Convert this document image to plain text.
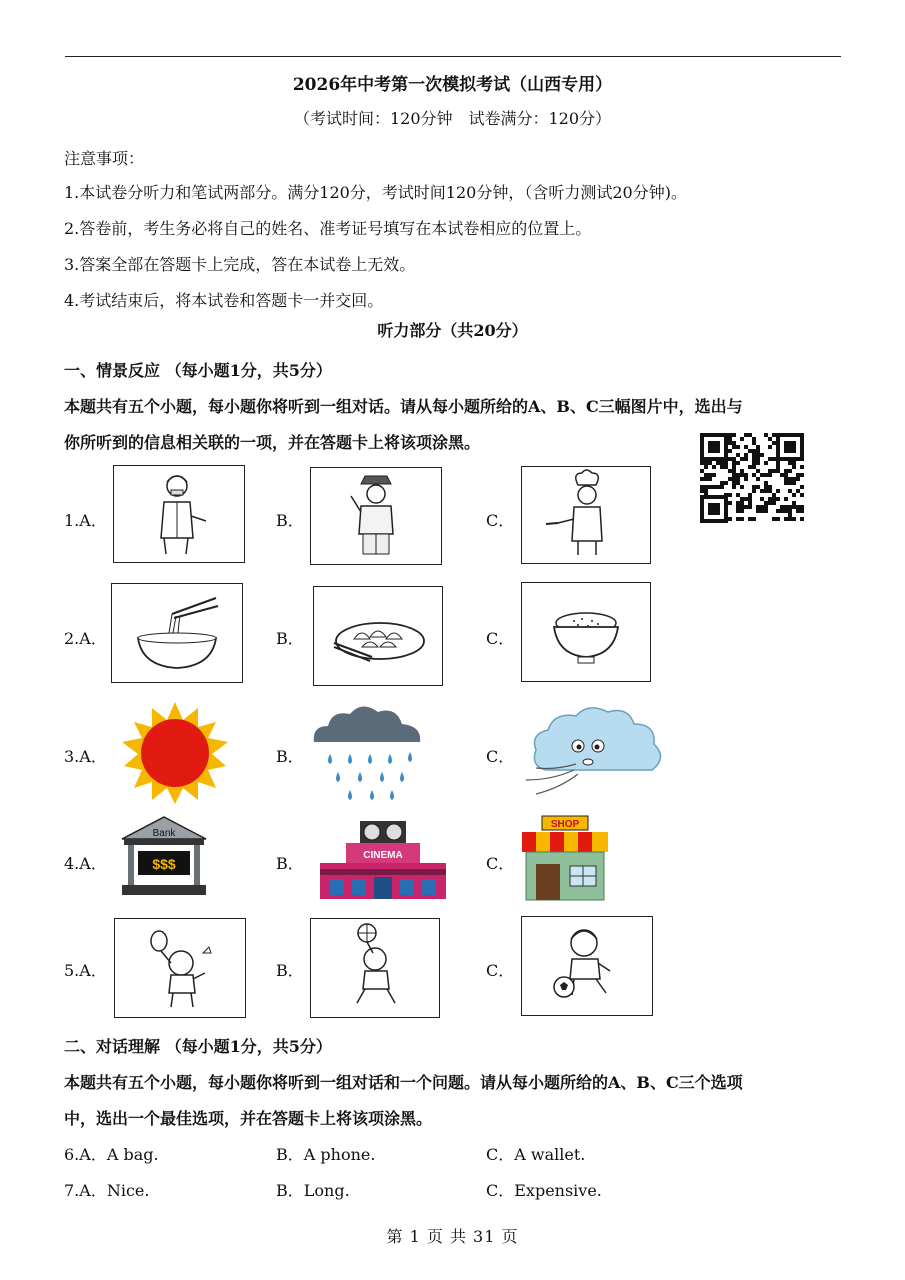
2026年中考第一次模拟考试（山西专用）
（考试时间：120分钟　试卷满分：120分）
注意事项：
1.本试卷分听力和笔试两部分。满分120分，考试时间120分钟，（含听力测试20分钟)。
2.答卷前，考生务必将自己的姓名、准考证号填写在本试卷相应的位置上。
3.答案全部在答题卡上完成，答在本试卷上无效。
4.考试结束后，将本试卷和答题卡一并交回。
听力部分（共20分）
一、情景反应 （每小题1分，共5分）
本题共有五个小题，每小题你将听到一组对话。请从每小题所给的A、B、C三幅图片中，选出与
你所听到的信息相关联的一项，并在答题卡上将该项涂黑。
1.A．	B．	C．
2.A．	B．	C．
3.A．	B．	C．
4.A．	B．	C．
Bank
$$$
CINEMA
SHOP
5.A．	B．	C．
二、对话理解 （每小题1分，共5分）
本题共有五个小题，每小题你将听到一组对话和一个问题。请从每小题所给的A、B、C三个选项
中，选出一个最佳选项，并在答题卡上将该项涂黑。
6.A．A bag.	B．A phone.	C．A wallet.
7.A．Nice.	B．Long.	C．Expensive.
第 1 页 共 31 页
